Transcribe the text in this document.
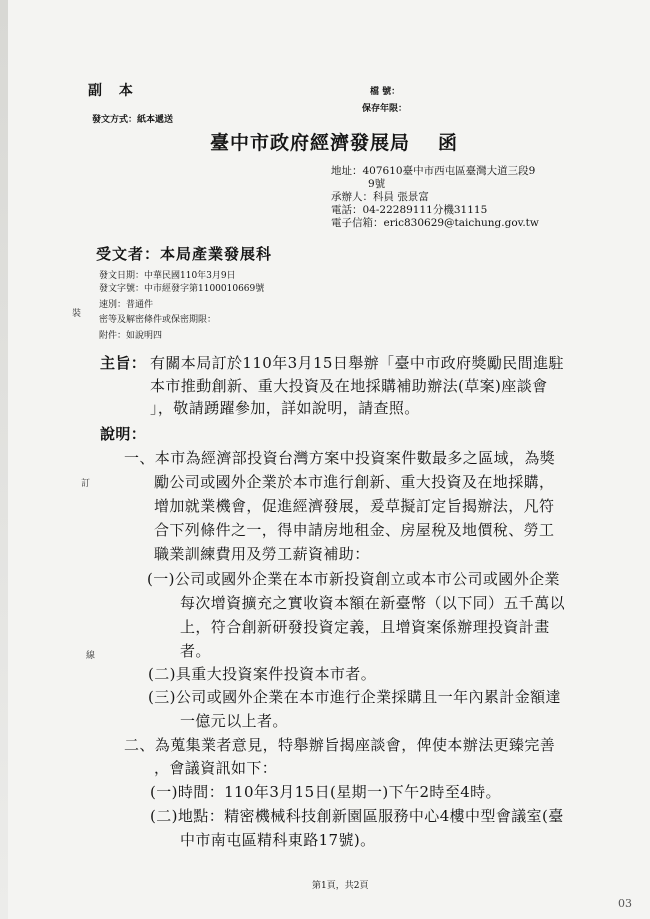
裝
訂
線
副 本	檔 號：
保存年限：
發文方式：紙本遞送
臺中市政府經濟發展局 函
地址：407610臺中市西屯區臺灣大道三段9
9號
承辦人：科員 張景富
電話：04-22289111分機31115
電子信箱：eric830629@taichung.gov.tw
受文者：本局產業發展科
發文日期：中華民國110年3月9日
發文字號：中市經發字第1100010669號
速別：普通件
密等及解密條件或保密期限：
附件：如說明四
主旨： 有關本局訂於110年3月15日舉辦「臺中市政府獎勵民間進駐
本市推動創新、重大投資及在地採購補助辦法(草案)座談會
」，敬請踴躍參加，詳如說明，請查照。
說明：
一、本市為經濟部投資台灣方案中投資案件數最多之區域，為獎
勵公司或國外企業於本市進行創新、重大投資及在地採購，
增加就業機會，促進經濟發展，爰草擬訂定旨揭辦法，凡符
合下列條件之一，得申請房地租金、房屋稅及地價稅、勞工
職業訓練費用及勞工薪資補助：
(一)公司或國外企業在本市新投資創立或本市公司或國外企業
每次增資擴充之實收資本額在新臺幣（以下同）五千萬以
上，符合創新研發投資定義，且增資案係辦理投資計畫
者。
(二)具重大投資案件投資本市者。
(三)公司或國外企業在本市進行企業採購且一年內累計金額達
一億元以上者。
二、為蒐集業者意見，特舉辦旨揭座談會，俾使本辦法更臻完善
，會議資訊如下：
(一)時間：110年3月15日(星期一)下午2時至4時。
(二)地點：精密機械科技創新園區服務中心4樓中型會議室(臺
中市南屯區精科東路17號)。
第1頁，共2頁
03
